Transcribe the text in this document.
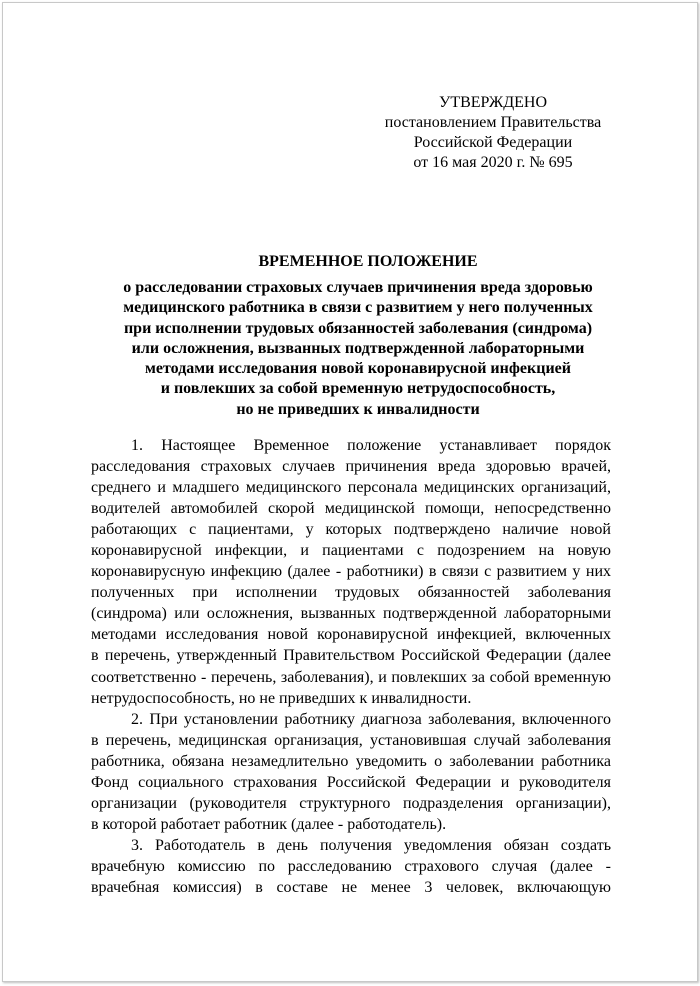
УТВЕРЖДЕНО
постановлением Правительства
Российской Федерации
от 16 мая 2020 г. № 695
ВРЕМЕННОЕ ПОЛОЖЕНИЕ
о расследовании страховых случаев причинения вреда здоровью
медицинского работника в связи с развитием у него полученных
при исполнении трудовых обязанностей заболевания (синдрома)
или осложнения, вызванных подтвержденной лабораторными
методами исследования новой коронавирусной инфекцией
и повлекших за собой временную нетрудоспособность,
но не приведших к инвалидности
1. Настоящее Временное положение устанавливает порядок
расследования страховых случаев причинения вреда здоровью врачей,
среднего и младшего медицинского персонала медицинских организаций,
водителей автомобилей скорой медицинской помощи, непосредственно
работающих с пациентами, у которых подтверждено наличие новой
коронавирусной инфекции, и пациентами с подозрением на новую
коронавирусную инфекцию (далее - работники) в связи с развитием у них
полученных при исполнении трудовых обязанностей заболевания
(синдрома) или осложнения, вызванных подтвержденной лабораторными
методами исследования новой коронавирусной инфекцией, включенных
в перечень, утвержденный Правительством Российской Федерации (далее
соответственно - перечень, заболевания), и повлекших за собой временную
нетрудоспособность, но не приведших к инвалидности.
2. При установлении работнику диагноза заболевания, включенного
в перечень, медицинская организация, установившая случай заболевания
работника, обязана незамедлительно уведомить о заболевании работника
Фонд социального страхования Российской Федерации и руководителя
организации (руководителя структурного подразделения организации),
в которой работает работник (далее - работодатель).
3. Работодатель в день получения уведомления обязан создать
врачебную комиссию по расследованию страхового случая (далее -
врачебная комиссия) в составе не менее 3 человек, включающую
